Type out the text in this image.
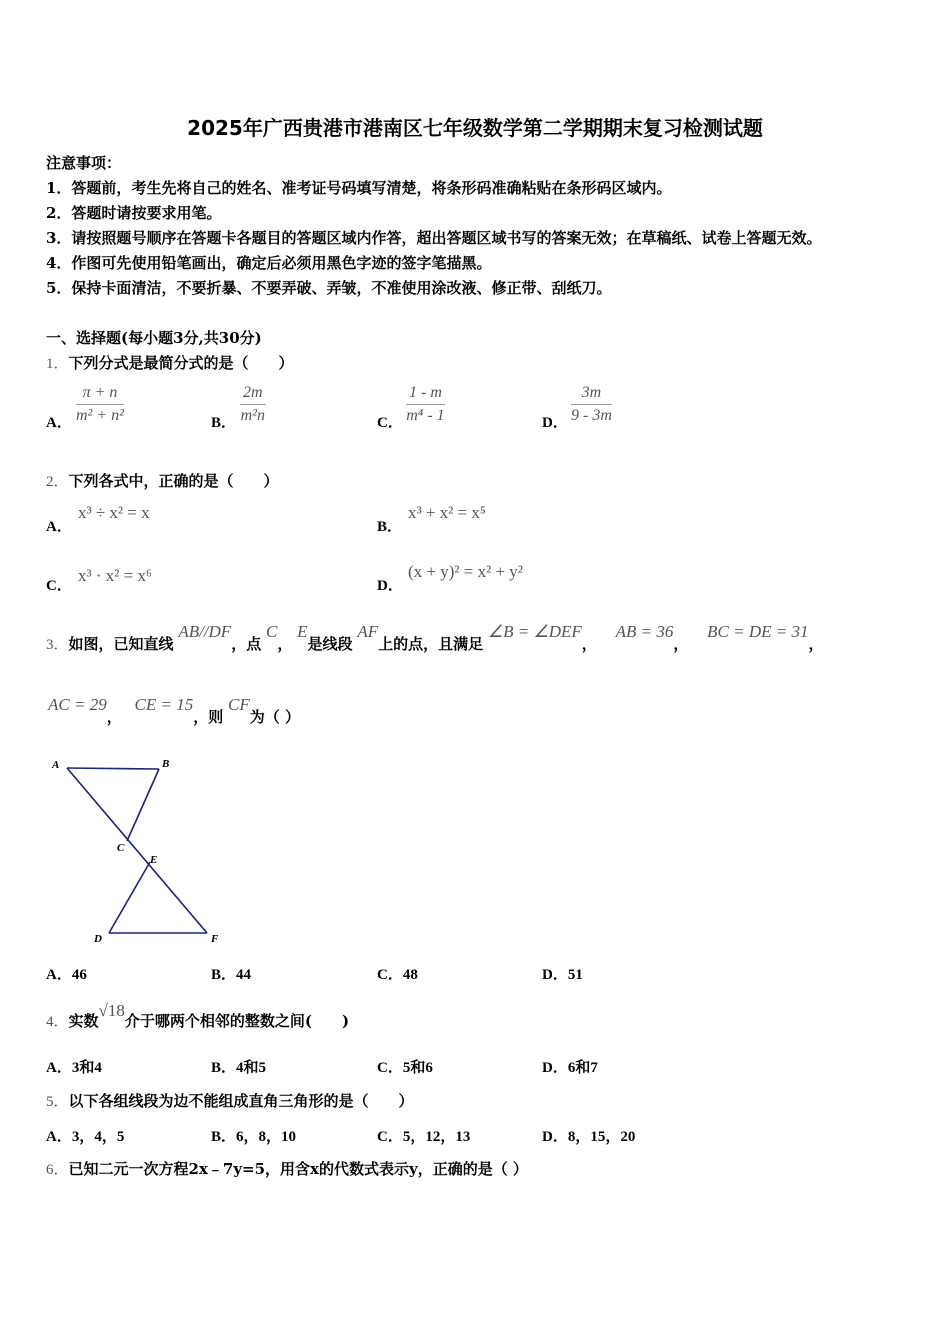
2025年广西贵港市港南区七年级数学第二学期期末复习检测试题
注意事项：
1．答题前，考生先将自己的姓名、准考证号码填写清楚，将条形码准确粘贴在条形码区域内。
2．答题时请按要求用笔。
3．请按照题号顺序在答题卡各题目的答题区域内作答，超出答题区域书写的答案无效；在草稿纸、试卷上答题无效。
4．作图可先使用铅笔画出，确定后必须用黑色字迹的签字笔描黑。
5．保持卡面清洁，不要折暴、不要弄破、弄皱，不准使用涂改液、修正带、刮纸刀。
一、选择题(每小题3分,共30分)
1．下列分式是最简分式的是（　　）
A． $\frac{\pi + n}{\text{m² + n²}}$	B． $\frac{2m}{\text{m²n}}$	C． $\frac{1 - m}{\text{m⁴ - 1}}$	D． $\frac{3m}{9 - 3m}$
2．下列各式中，正确的是（　　）
A．
x³ ÷ x² = x
B．
x³ + x² = x⁵
C．
x³ · x² = x⁶
D．
(x + y)² = x² + y²
3．如图，已知直线 AB//DF，点 C， E是线段 AF上的点，且满足 ∠B = ∠DEF， AB = 36， BC = DE = 31，
AC = 29， CE = 15，则 CF为（ ）
A	B
C
E
D	F
A．46	B．44	C．48	D．51
4．实数√18介于哪两个相邻的整数之间(　　)
A．3和4	B．4和5	C．5和6	D．6和7
5．以下各组线段为边不能组成直角三角形的是（　　）
A．3，4，5	B．6，8，10	C．5，12，13	D．8，15，20
6．已知二元一次方程2x﹣7y=5，用含x的代数式表示y，正确的是（ ）
